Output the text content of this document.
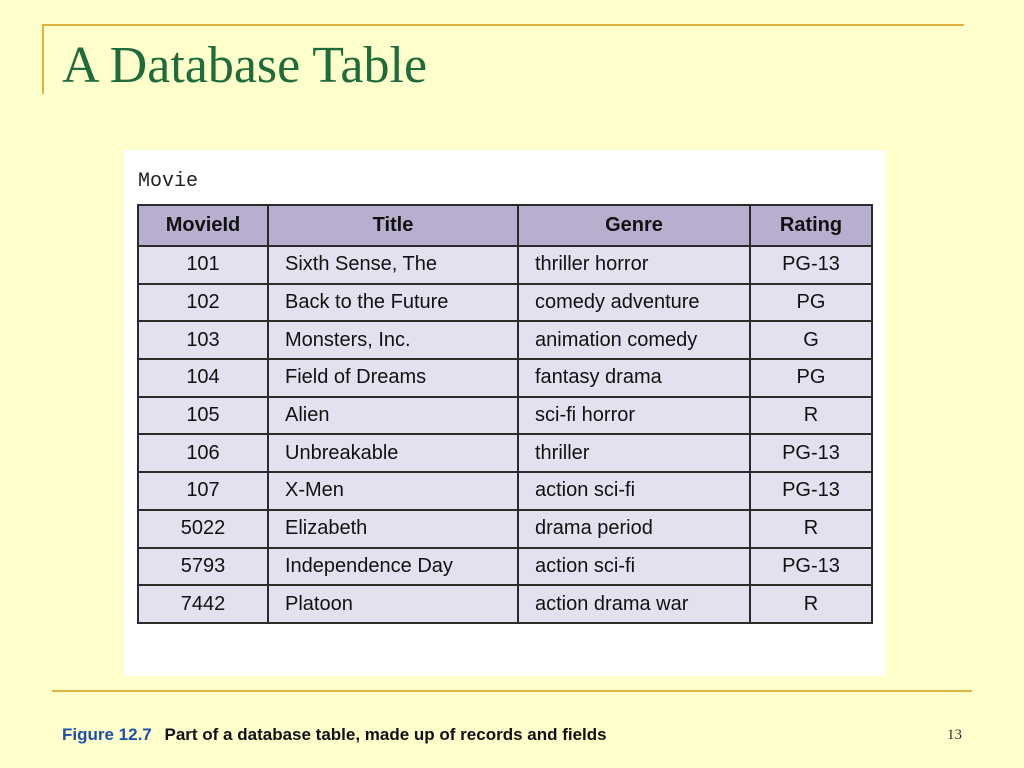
A Database Table
Movie
MovieId	Title	Genre	Rating
101	Sixth Sense, The	thriller horror	PG-13
102	Back to the Future	comedy adventure	PG
103	Monsters, Inc.	animation comedy	G
104	Field of Dreams	fantasy drama	PG
105	Alien	sci-fi horror	R
106	Unbreakable	thriller	PG-13
107	X-Men	action sci-fi	PG-13
5022	Elizabeth	drama period	R
5793	Independence Day	action sci-fi	PG-13
7442	Platoon	action drama war	R
Figure 12.7 Part of a database table, made up of records and fields	13
